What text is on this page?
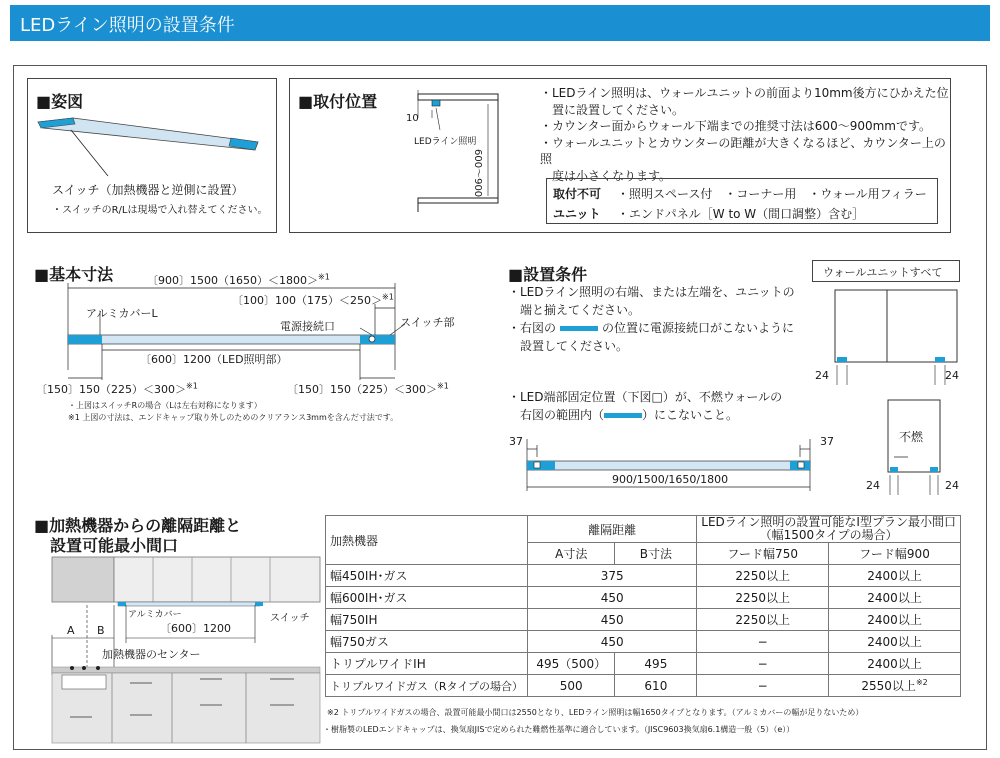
LEDライン照明の設置条件
■姿図
スイッチ（加熱機器と逆側に設置）
・スイッチのR/Lは現場で入れ替えてください。
■取付位置
10
LEDライン照明
600〜900
・LEDライン照明は、ウォールユニットの前面より10mm後方にひかえた位
　置に設置してください。
・カウンター面からウォール下端までの推奨寸法は600〜900mmです。
・ウォールユニットとカウンターの距離が大きくなるほど、カウンター上の照
　度は小さくなります。
取付不可
ユニット
・照明スペース付　・コーナー用　・ウォール用フィラー
・エンドパネル［W to W（間口調整）含む］
■基本寸法	〔900〕1500（1650）＜1800＞$^{※1}$
〔100〕100（175）＜250＞$^{※1}$
アルミカバーL
電源接続口	スイッチ部
〔600〕1200（LED照明部）
〔150〕150（225）＜300＞$^{※1}$	〔150〕150（225）＜300＞$^{※1}$
・上図はスイッチRの場合（Lは左右対称になります）
※1 上図の寸法は、エンドキャップ取り外しのためのクリアランス3mmを含んだ寸法です。
■設置条件
・LEDライン照明の右端、または左端を、ユニットの
　端と揃えてください。
・右図の	の位置に電源接続口がこないように
　設置してください。
・LED端部固定位置（下図□）が、不燃ウォールの
　右図の範囲内（	）にこないこと。
37	37
900/1500/1650/1800
ウォールユニットすべて
24	24
不燃
24	24
■加熱機器からの離隔距離と
　設置可能最小間口
アルミカバー	スイッチ
A B	〔600〕1200
加熱機器のセンター
加熱機器	離隔距離		LEDライン照明の設置可能なI型プラン最小間口
（幅1500タイプの場合）	

	A寸法	B寸法	フード幅750	フード幅900
幅450IH･ガス	375		2250以上	2400以上
幅600IH･ガス	450		2250以上	2400以上
幅750IH	450		2250以上	2400以上
幅750ガス	450		−	2400以上
トリプルワイドIH	495（500）	495	−	2400以上
トリプルワイドガス（Rタイプの場合）	500	610	−	2550以上$^{※2}$
※2 トリプルワイドガスの場合、設置可能最小間口は2550となり、LEDライン照明は幅1650タイプとなります。（アルミカバーの幅が足りないため）
・樹脂製のLEDエンドキャップは、換気扇JISで定められた難燃性基準に適合しています。（JISC9603換気扇6.1構造一般（5）（e））
